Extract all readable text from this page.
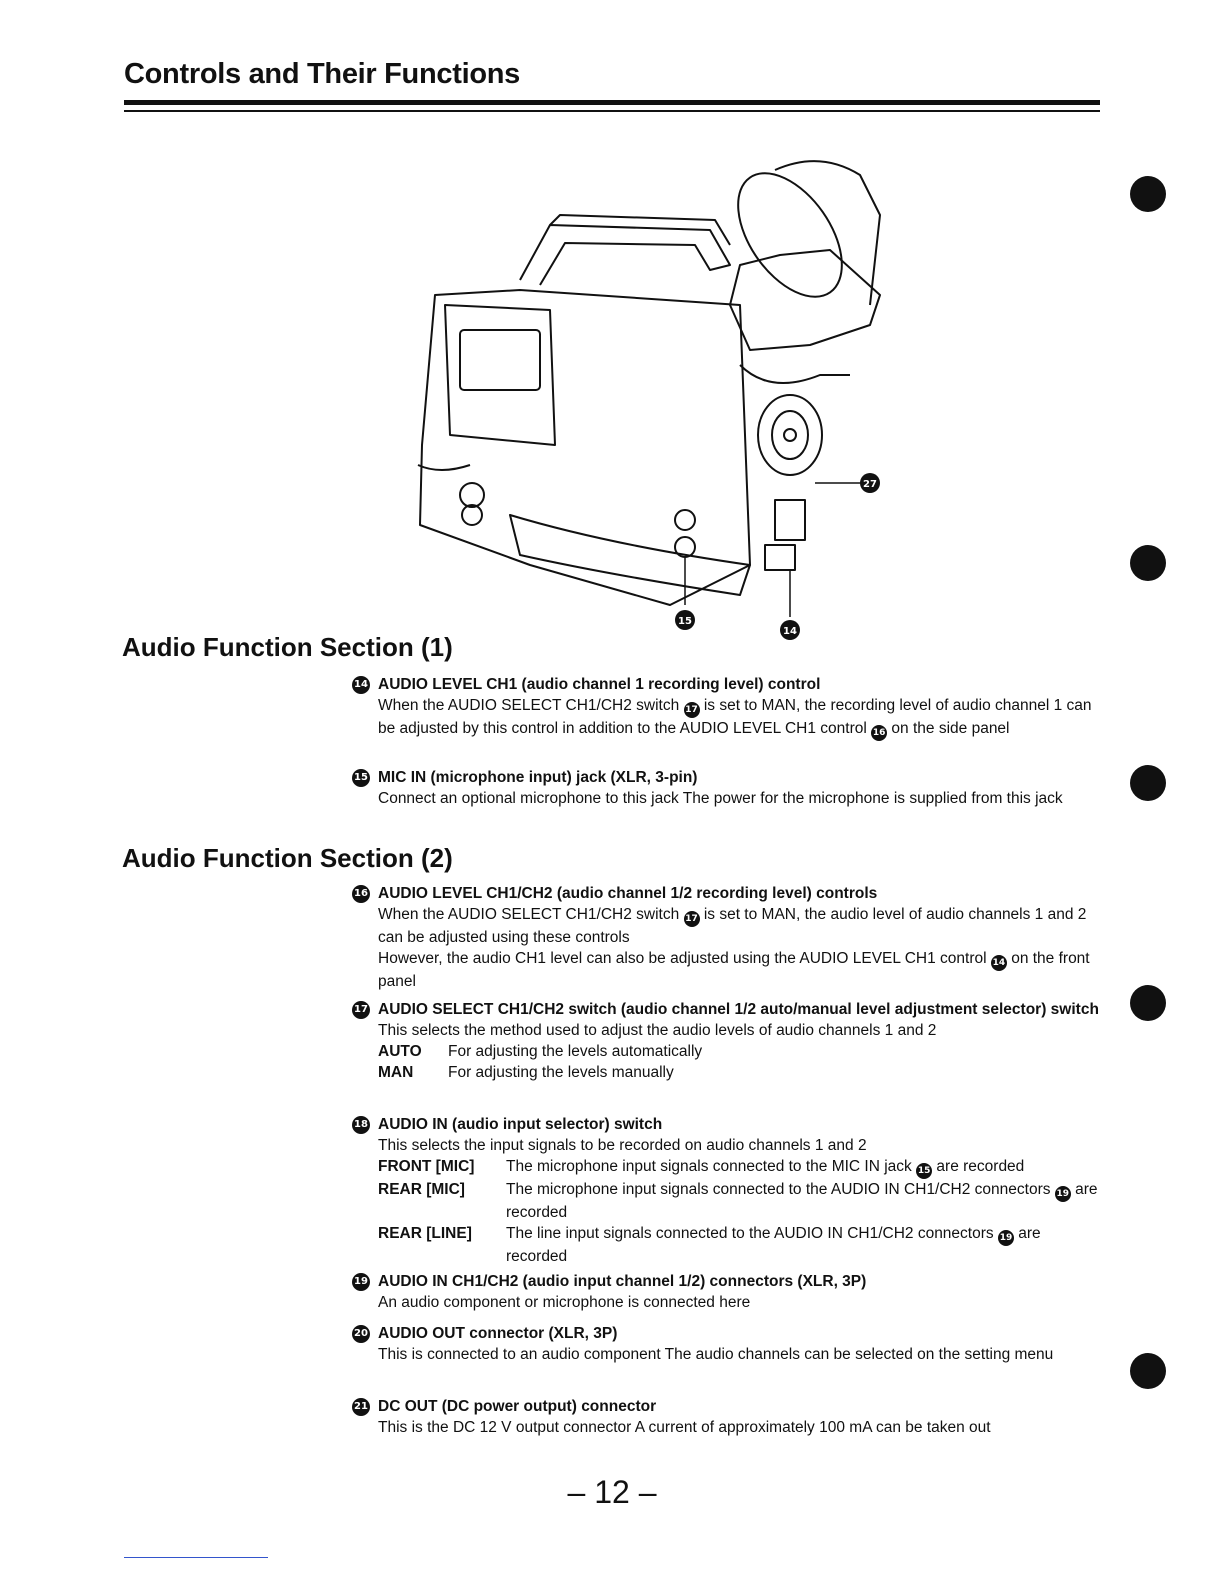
Controls and Their Functions
27
15
14
Audio Function Section (1)
14 AUDIO LEVEL CH1 (audio channel 1 recording level) control
When the AUDIO SELECT CH1/CH2 switch 17 is set to MAN, the recording level of audio channel 1 can be adjusted by this control in addition to the AUDIO LEVEL CH1 control 16 on the side panel
15 MIC IN (microphone input) jack (XLR, 3-pin)
Connect an optional microphone to this jack The power for the microphone is supplied from this jack
Audio Function Section (2)
16 AUDIO LEVEL CH1/CH2 (audio channel 1/2 recording level) controls
When the AUDIO SELECT CH1/CH2 switch 17 is set to MAN, the audio level of audio channels 1 and 2 can be adjusted using these controls
However, the audio CH1 level can also be adjusted using the AUDIO LEVEL CH1 control 14 on the front panel
17 AUDIO SELECT CH1/CH2 switch (audio channel 1/2 auto/manual level adjustment selector) switch
This selects the method used to adjust the audio levels of audio channels 1 and 2
AUTO	For adjusting the levels automatically
MAN	For adjusting the levels manually
18 AUDIO IN (audio input selector) switch
This selects the input signals to be recorded on audio channels 1 and 2
FRONT [MIC]	The microphone input signals connected to the MIC IN jack 15 are recorded
REAR [MIC]	The microphone input signals connected to the AUDIO IN CH1/CH2 connectors 19 are recorded
REAR [LINE]	The line input signals connected to the AUDIO IN CH1/CH2 connectors 19 are recorded
19 AUDIO IN CH1/CH2 (audio input channel 1/2) connectors (XLR, 3P)
An audio component or microphone is connected here
20 AUDIO OUT connector (XLR, 3P)
This is connected to an audio component The audio channels can be selected on the setting menu
21 DC OUT (DC power output) connector
This is the DC 12 V output connector A current of approximately 100 mA can be taken out
– 12 –
